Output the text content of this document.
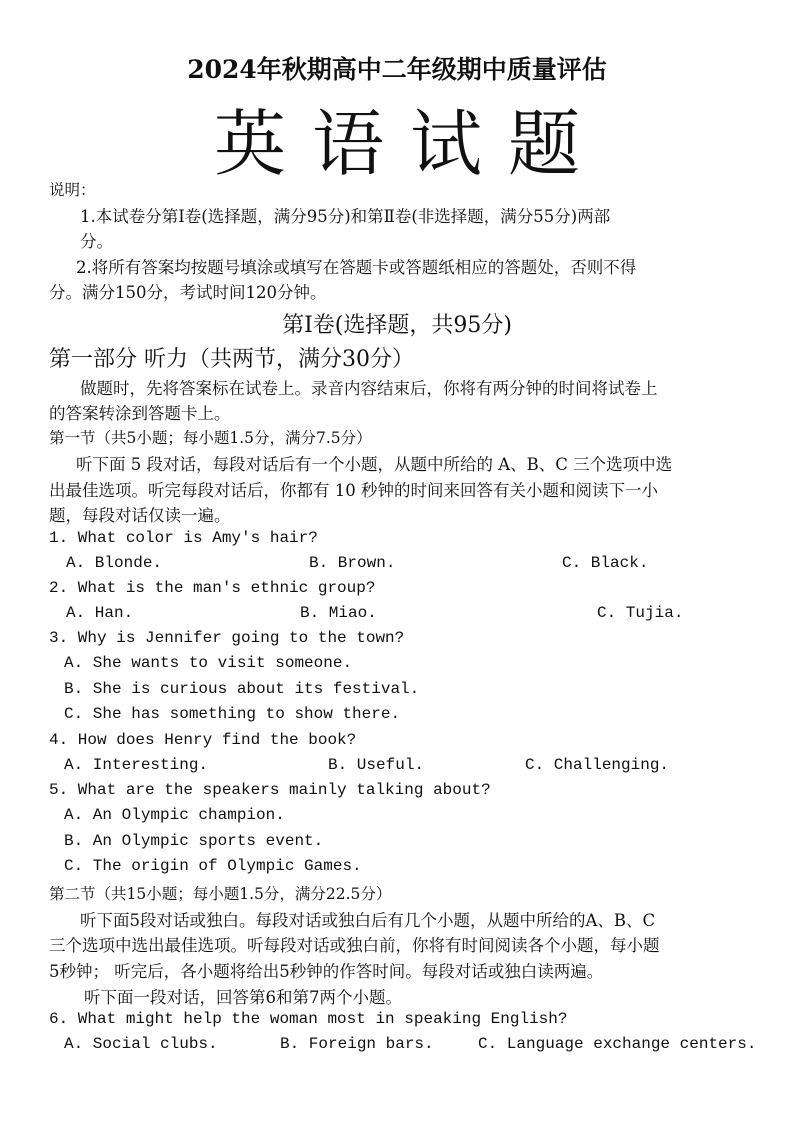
2024年秋期高中二年级期中质量评估
英语试题
说明：
1.本试卷分第Ⅰ卷(选择题，满分95分)和第Ⅱ卷(非选择题，满分55分)两部
分。
2.将所有答案均按题号填涂或填写在答题卡或答题纸相应的答题处，否则不得
分。满分150分，考试时间120分钟。
第Ⅰ卷(选择题，共95分)
第一部分 听力（共两节，满分30分）
做题时，先将答案标在试卷上。录音内容结束后，你将有两分钟的时间将试卷上
的答案转涂到答题卡上。
第一节（共5小题；每小题1.5分，满分7.5分）
听下面 5 段对话，每段对话后有一个小题，从题中所给的 A、B、C 三个选项中选
出最佳选项。听完每段对话后，你都有 10 秒钟的时间来回答有关小题和阅读下一小
题，每段对话仅读一遍。
1. What color is Amy's hair?
A. Blonde.	B. Brown.	C. Black.
2. What is the man's ethnic group?
A. Han.	B. Miao.	C. Tujia.
3. Why is Jennifer going to the town?
A. She wants to visit someone.
B. She is curious about its festival.
C. She has something to show there.
4. How does Henry find the book?
A. Interesting.	B. Useful.	C. Challenging.
5. What are the speakers mainly talking about?
A. An Olympic champion.
B. An Olympic sports event.
C. The origin of Olympic Games.
第二节（共15小题；每小题1.5分，满分22.5分）
听下面5段对话或独白。每段对话或独白后有几个小题，从题中所给的A、B、C
三个选项中选出最佳选项。听每段对话或独白前，你将有时间阅读各个小题，每小题
5秒钟； 听完后，各小题将给出5秒钟的作答时间。每段对话或独白读两遍。
听下面一段对话，回答第6和第7两个小题。
6. What might help the woman most in speaking English?
A. Social clubs.	B. Foreign bars.	C. Language exchange centers.
